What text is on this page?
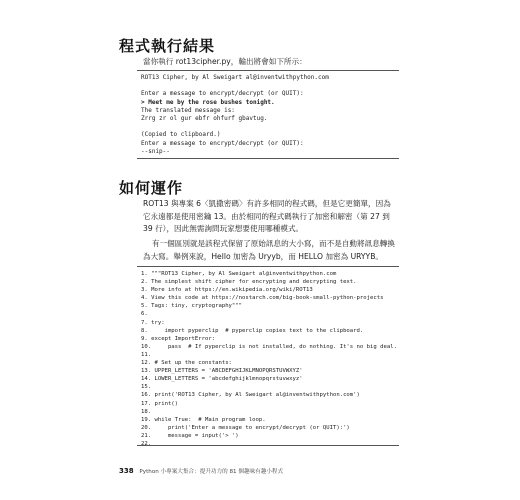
程式執行結果
當你執行 rot13cipher.py，輸出將會如下所示：
ROT13 Cipher, by Al Sweigart al@inventwithpython.com
Enter a message to encrypt/decrypt (or QUIT):
> Meet me by the rose bushes tonight.
The translated message is:
Zrrg zr ol gur ebfr ohfurf gbavtug.
(Copied to clipboard.)
Enter a message to encrypt/decrypt (or QUIT):
--snip--
如何運作
ROT13 與專案 6〈凱撒密碼〉有許多相同的程式碼，但是它更簡單，因為它永遠都是使用密鑰 13。由於相同的程式碼執行了加密和解密（第 27 到 39 行），因此無需詢問玩家想要使用哪種模式。
有一個區別就是該程式保留了原始訊息的大小寫，而不是自動將訊息轉換為大寫。舉例來說，Hello 加密為 Uryyb，而 HELLO 加密為 URYYB。
1. """ROT13 Cipher, by Al Sweigart al@inventwithpython.com
2. The simplest shift cipher for encrypting and decrypting text.
3. More info at https://en.wikipedia.org/wiki/ROT13
4. View this code at https://nostarch.com/big-book-small-python-projects
5. Tags: tiny, cryptography"""
6.
7. try:
8.     import pyperclip  # pyperclip copies text to the clipboard.
9. except ImportError:
10.     pass  # If pyperclip is not installed, do nothing. It's no big deal.
11.
12. # Set up the constants:
13. UPPER_LETTERS = 'ABCDEFGHIJKLMNOPQRSTUVWXYZ'
14. LOWER_LETTERS = 'abcdefghijklmnopqrstuvwxyz'
15.
16. print('ROT13 Cipher, by Al Sweigart al@inventwithpython.com')
17. print()
18.
19. while True:  # Main program loop.
20.     print('Enter a message to encrypt/decrypt (or QUIT):')
21.     message = input('> ')
22.
338 Python 小專案大集合：提升功力的 81 個趣味有趣小程式
